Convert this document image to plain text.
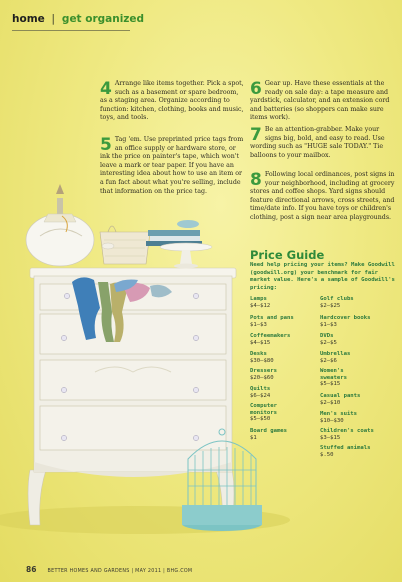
home | get organized
4 Arrange like items together. Pick a spot, such as a basement or spare bedroom, as a staging area. Organize according to function: kitchen, clothing, books and music, toys, and tools.
5 Tag 'em. Use preprinted price tags from an office supply or hardware store, or ink the price on painter's tape, which won't leave a mark or tear paper. If you have an interesting idea about how to use an item or a fun fact about what you're selling, include that information on the price tag.
6 Gear up. Have these essentials at the ready on sale day: a tape measure and yardstick, calculator, and an extension cord and batteries (so shoppers can make sure items work).
7 Be an attention-grabber. Make your signs big, bold, and easy to read. Use wording such as "HUGE sale TODAY." Tie balloons to your mailbox.
8 Following local ordinances, post signs in your neighborhood, including at grocery stores and coffee shops. Yard signs should feature directional arrows, cross streets, and time/date info. If you have toys or children's clothing, post a sign near area playgrounds.
Price Guide
Need help pricing your items? Make Goodwill (goodwill.org) your benchmark for fair market value. Here's a sample of Goodwill's pricing:
Lamps
$4–$12
Pots and pans
$1–$3
Coffeemakers
$4–$15
Desks
$30–$80
Dressers
$20–$60
Quilts
$6–$24
Computer monitors
$5–$50
Board games
$1
Golf clubs
$2–$25
Hardcover books
$1–$3
DVDs
$2–$5
Umbrellas
$2–$6
Women's sweaters
$5–$15
Casual pants
$2–$10
Men's suits
$10–$30
Children's coats
$3–$15
Stuffed animals
$.50
86 BETTER HOMES AND GARDENS | MAY 2011 | BHG.COM
